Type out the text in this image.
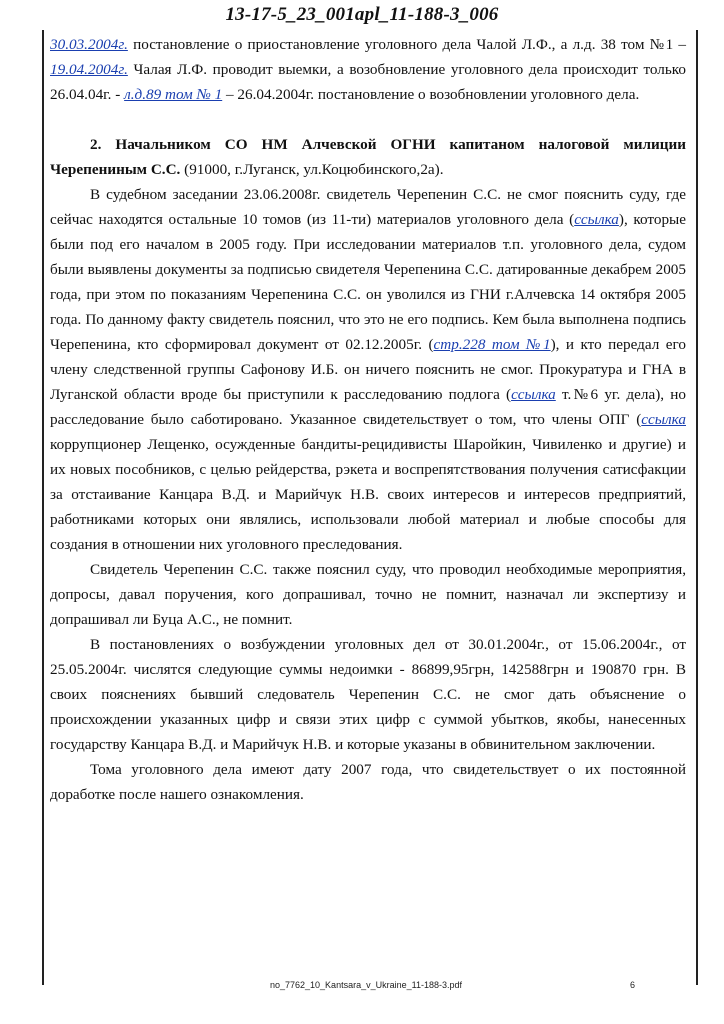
13-17-5_23_001apl_11-188-3_006

30.03.2004г. постановление о приостановление уголовного дела Чалой Л.Ф., а л.д. 38 том №1 – 19.04.2004г. Чалая Л.Ф. проводит выемки, а возобновление уголовного дела происходит только 26.04.04г. - л.д.89 том № 1 – 26.04.2004г. постановление о возобновлении уголовного дела.

2. Начальником СО НМ Алчевской ОГНИ капитаном налоговой милиции Черепениным С.С. (91000, г.Луганск, ул.Коцюбинского,2а).

В судебном заседании 23.06.2008г. свидетель Черепенин С.С. не смог пояснить суду, где сейчас находятся остальные 10 томов (из 11-ти) материалов уголовного дела (ссылка), которые были под его началом в 2005 году. При исследовании материалов т.п. уголовного дела, судом были выявлены документы за подписью свидетеля Черепенина С.С. датированные декабрем 2005 года, при этом по показаниям Черепенина С.С. он уволился из ГНИ г.Алчевска 14 октября 2005 года. По данному факту свидетель пояснил, что это не его подпись. Кем была выполнена подпись Черепенина, кто сформировал документ от 02.12.2005г. (стр.228 том №1), и кто передал его члену следственной группы Сафонову И.Б. он ничего пояснить не смог. Прокуратура и ГНА в Луганской области вроде бы приступили к расследованию подлога (ссылка т.№6 уг. дела), но расследование было саботировано. Указанное свидетельствует о том, что члены ОПГ (ссылка коррупционер Лещенко, осужденные бандиты-рецидивисты Шаройкин, Чивиленко и другие) и их новых пособников, с целью рейдерства, рэкета и воспрепятствования получения сатисфакции за отстаивание Канцара В.Д. и Марийчук Н.В. своих интересов и интересов предприятий, работниками которых они являлись, использовали любой материал и любые способы для создания в отношении них уголовного преследования.

Свидетель Черепенин С.С. также пояснил суду, что проводил необходимые мероприятия, допросы, давал поручения, кого допрашивал, точно не помнит, назначал ли экспертизу и допрашивал ли Буца А.С., не помнит.

В постановлениях о возбуждении уголовных дел от 30.01.2004г., от 15.06.2004г., от 25.05.2004г. числятся следующие суммы недоимки - 86899,95грн, 142588грн и 190870 грн. В своих пояснениях бывший следователь Черепенин С.С. не смог дать объяснение о происхождении указанных цифр и связи этих цифр с суммой убытков, якобы, нанесенных государству Канцара В.Д. и Марийчук Н.В. и которые указаны в обвинительном заключении.

Тома уголовного дела имеют дату 2007 года, что свидетельствует о их постоянной доработке после нашего ознакомления.

no_7762_10_Kantsara_v_Ukraine_11-188-3.pdf	6
